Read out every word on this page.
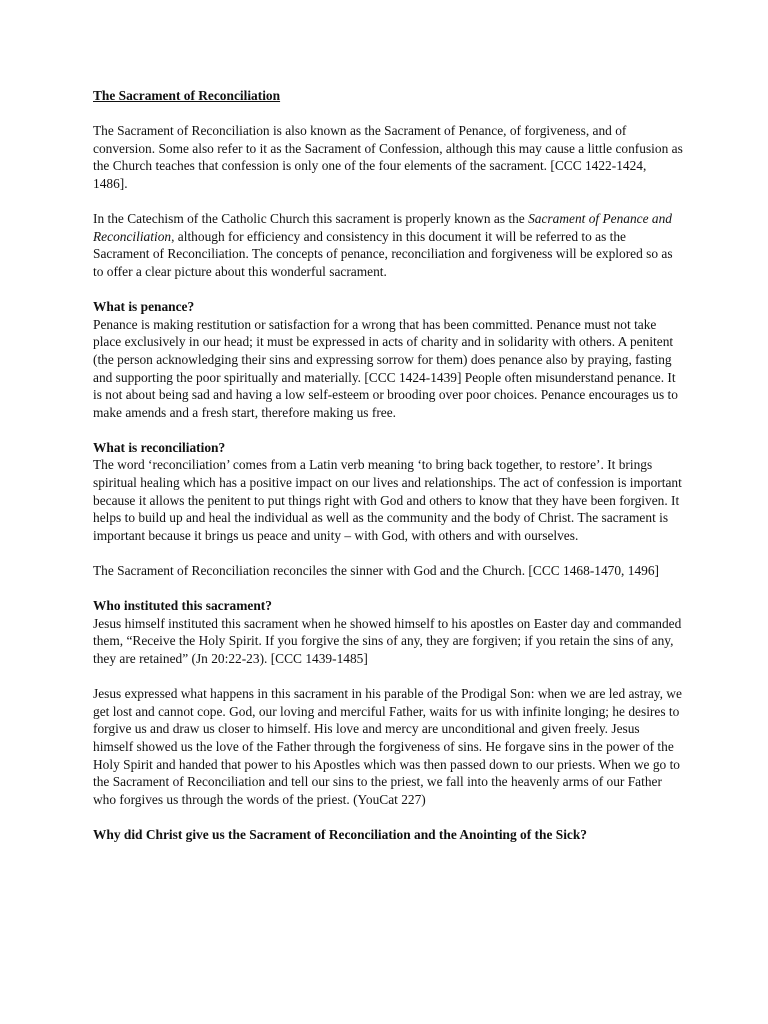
The Sacrament of Reconciliation

The Sacrament of Reconciliation is also known as the Sacrament of Penance, of forgiveness, and of conversion. Some also refer to it as the Sacrament of Confession, although this may cause a little confusion as the Church teaches that confession is only one of the four elements of the sacrament. [CCC 1422-1424, 1486].

In the Catechism of the Catholic Church this sacrament is properly known as the Sacrament of Penance and Reconciliation, although for efficiency and consistency in this document it will be referred to as the Sacrament of Reconciliation. The concepts of penance, reconciliation and forgiveness will be explored so as to offer a clear picture about this wonderful sacrament.

What is penance?

Penance is making restitution or satisfaction for a wrong that has been committed. Penance must not take place exclusively in our head; it must be expressed in acts of charity and in solidarity with others. A penitent (the person acknowledging their sins and expressing sorrow for them) does penance also by praying, fasting and supporting the poor spiritually and materially. [CCC 1424-1439] People often misunderstand penance. It is not about being sad and having a low self-esteem or brooding over poor choices. Penance encourages us to make amends and a fresh start, therefore making us free.

What is reconciliation?

The word ‘reconciliation’ comes from a Latin verb meaning ‘to bring back together, to restore’. It brings spiritual healing which has a positive impact on our lives and relationships. The act of confession is important because it allows the penitent to put things right with God and others to know that they have been forgiven. It helps to build up and heal the individual as well as the community and the body of Christ. The sacrament is important because it brings us peace and unity – with God, with others and with ourselves.

The Sacrament of Reconciliation reconciles the sinner with God and the Church. [CCC 1468-1470, 1496]

Who instituted this sacrament?

Jesus himself instituted this sacrament when he showed himself to his apostles on Easter day and commanded them, “Receive the Holy Spirit. If you forgive the sins of any, they are forgiven; if you retain the sins of any, they are retained” (Jn 20:22-23). [CCC 1439-1485]

Jesus expressed what happens in this sacrament in his parable of the Prodigal Son: when we are led astray, we get lost and cannot cope. God, our loving and merciful Father, waits for us with infinite longing; he desires to forgive us and draw us closer to himself. His love and mercy are unconditional and given freely. Jesus himself showed us the love of the Father through the forgiveness of sins. He forgave sins in the power of the Holy Spirit and handed that power to his Apostles which was then passed down to our priests. When we go to the Sacrament of Reconciliation and tell our sins to the priest, we fall into the heavenly arms of our Father who forgives us through the words of the priest. (YouCat 227)

Why did Christ give us the Sacrament of Reconciliation and the Anointing of the Sick?
